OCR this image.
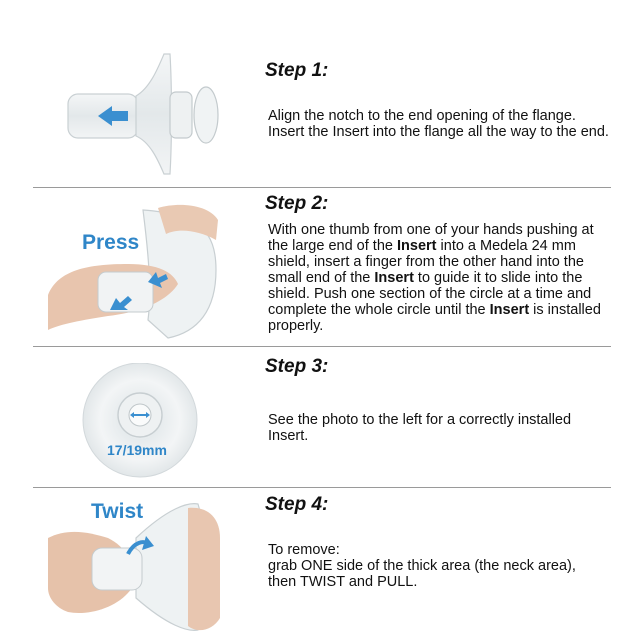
Step 1:

Align the notch to the end opening of the flange. Insert the Insert into the flange all the way to the end.

Press
Step 2:

With one thumb from one of your hands pushing at the large end of the Insert into a Medela 24 mm shield, insert a finger from the other hand into the small end of the Insert to guide it to slide into the shield. Push one section of the circle at a time and complete the whole circle until the Insert is installed properly.

17/19mm
Step 3:

See the photo to the left for a correctly installed Insert.

Twist	Step 4:

To remove:
grab ONE side of the thick area (the neck area), then TWIST and PULL.
